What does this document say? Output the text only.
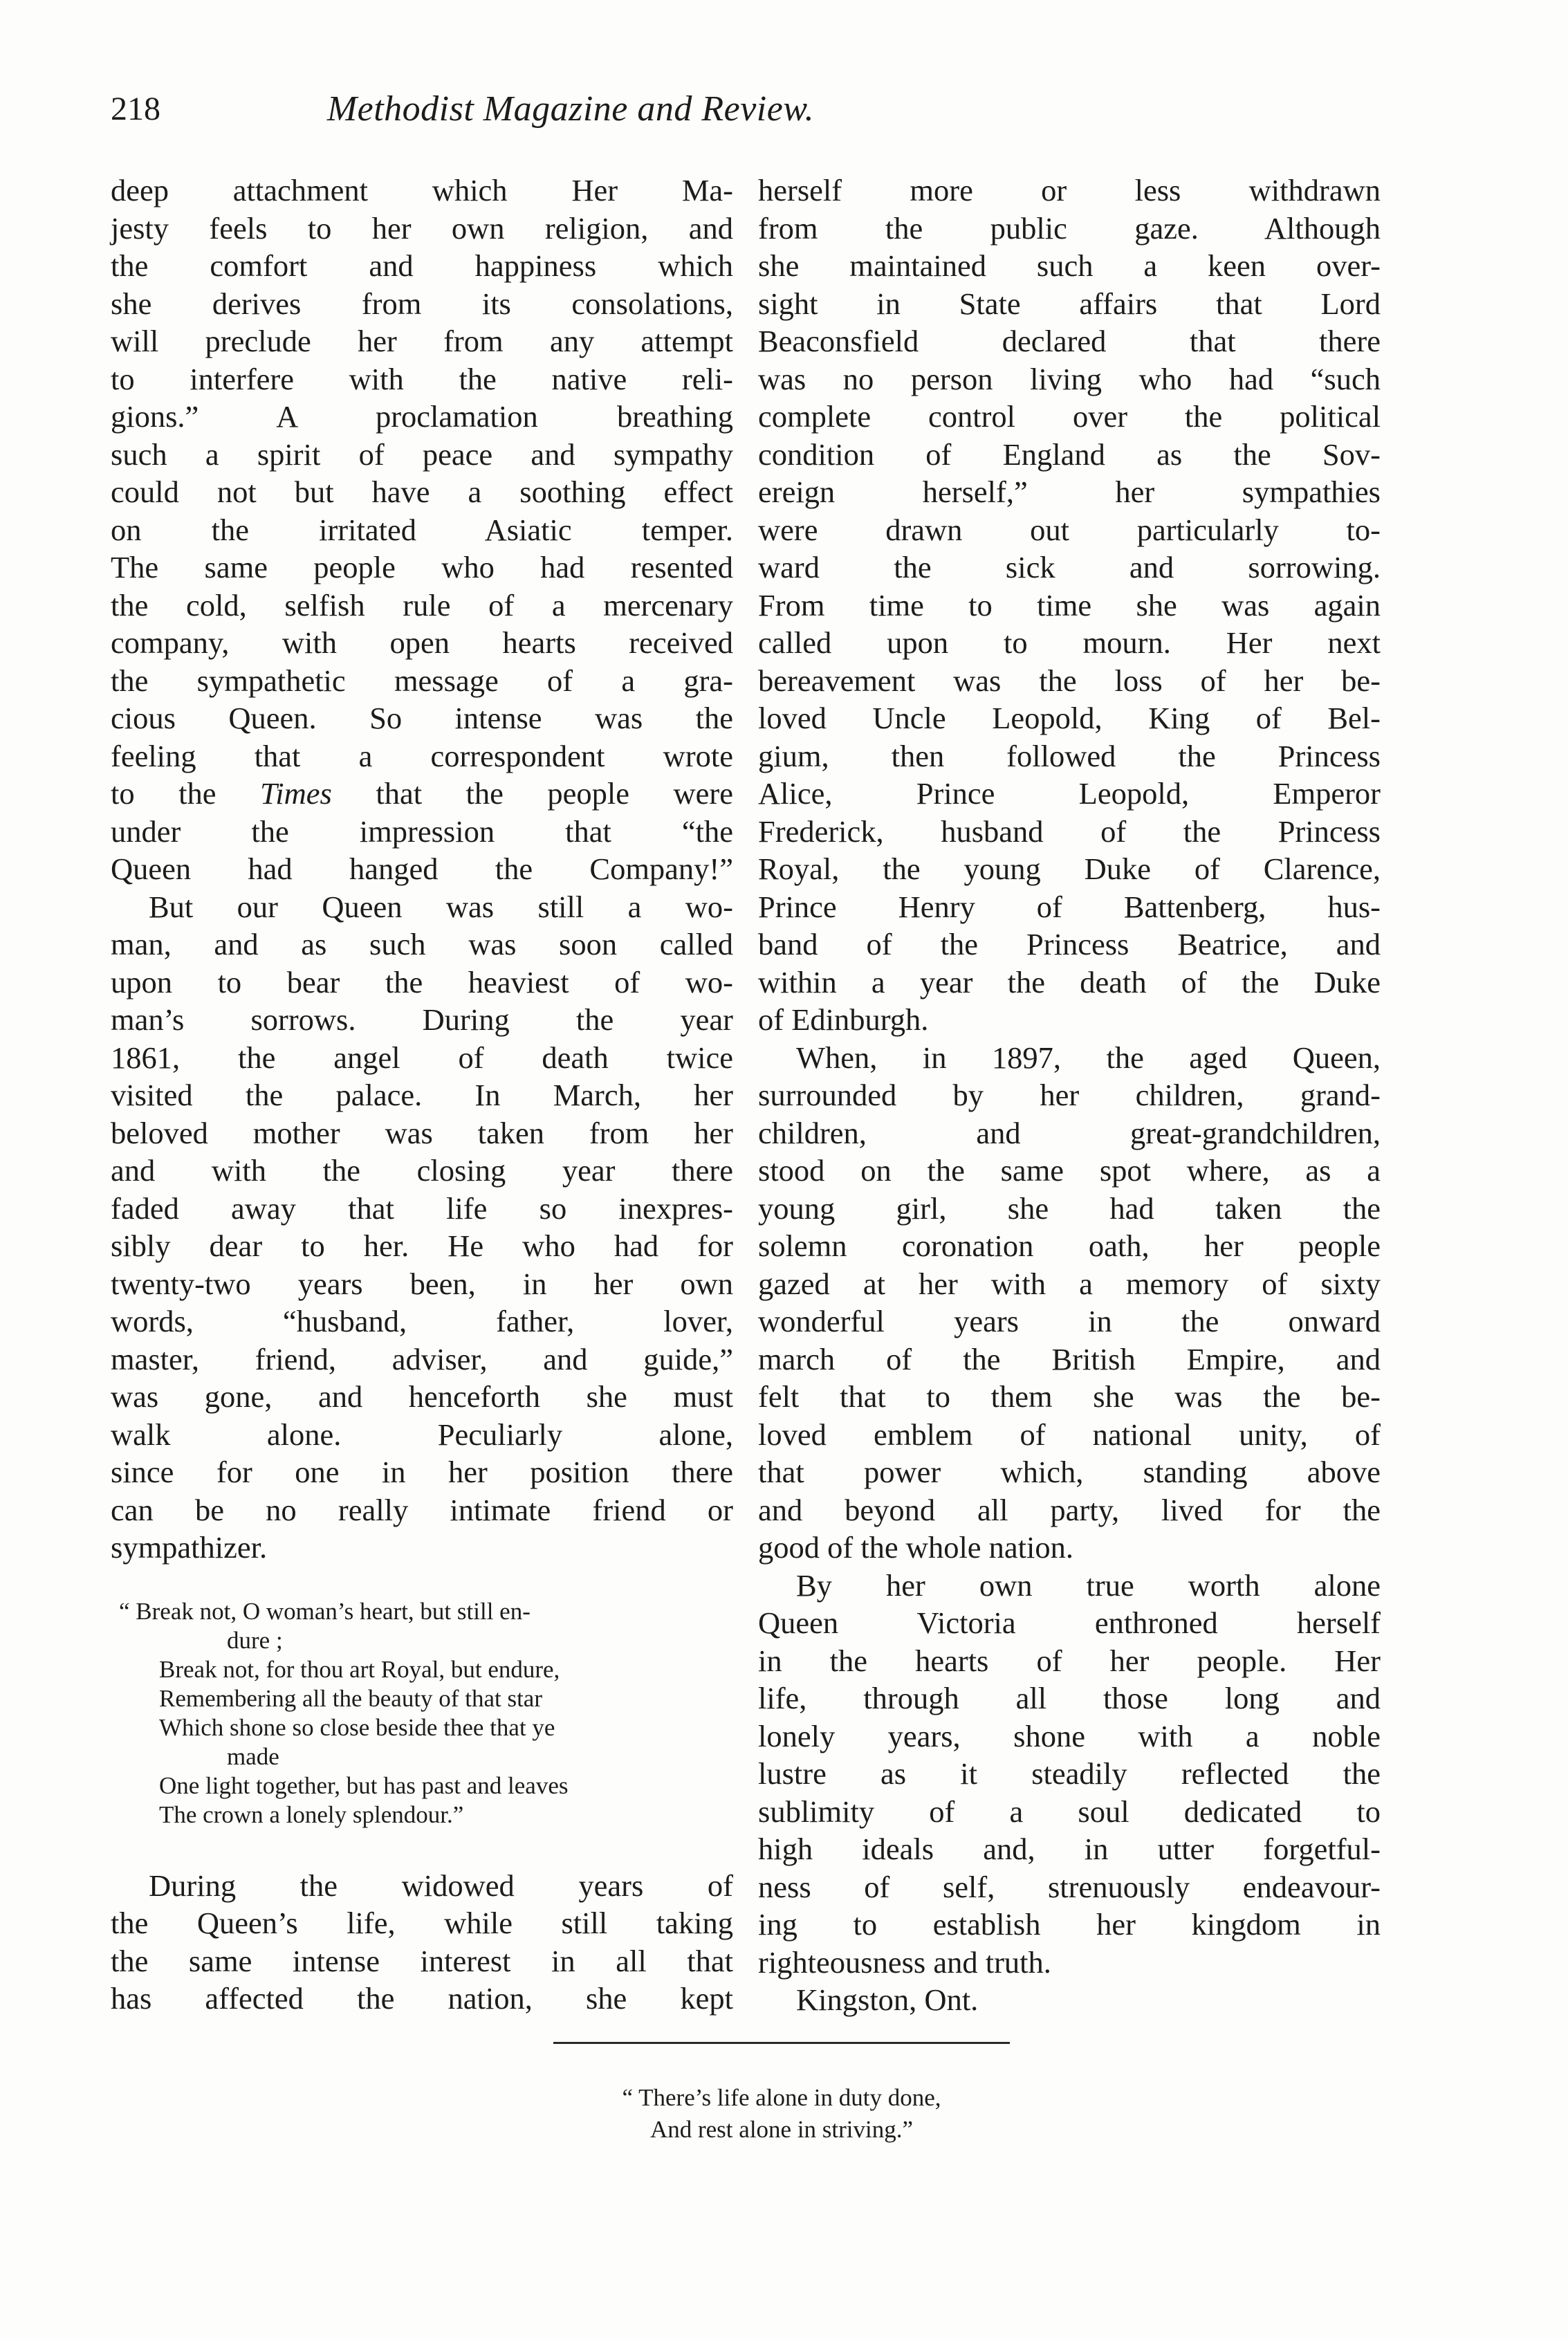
218	Methodist Magazine and Review.
deep attachment which Her Ma-
jesty feels to her own religion, and
the comfort and happiness which
she derives from its consolations,
will preclude her from any attempt
to interfere with the native reli-
gions.” A proclamation breathing
such a spirit of peace and sympathy
could not but have a soothing effect
on the irritated Asiatic temper.
The same people who had resented
the cold, selfish rule of a mercenary
company, with open hearts received
the sympathetic message of a gra-
cious Queen. So intense was the
feeling that a correspondent wrote
to the Times that the people were
under the impression that “the
Queen had hanged the Company!”
But our Queen was still a wo-
man, and as such was soon called
upon to bear the heaviest of wo-
man’s sorrows. During the year
1861, the angel of death twice
visited the palace. In March, her
beloved mother was taken from her
and with the closing year there
faded away that life so inexpres-
sibly dear to her. He who had for
twenty-two years been, in her own
words, “husband, father, lover,
master, friend, adviser, and guide,”
was gone, and henceforth she must
walk alone. Peculiarly alone,
since for one in her position there
can be no really intimate friend or
sympathizer.
“ Break not, O woman’s heart, but still en-
dure ;
Break not, for thou art Royal, but endure,
Remembering all the beauty of that star
Which shone so close beside thee that ye
made
One light together, but has past and leaves
The crown a lonely splendour.”
During the widowed years of
the Queen’s life, while still taking
the same intense interest in all that
has affected the nation, she kept
herself more or less withdrawn
from the public gaze. Although
she maintained such a keen over-
sight in State affairs that Lord
Beaconsfield declared that there
was no person living who had “such
complete control over the political
condition of England as the Sov-
ereign herself,” her sympathies
were drawn out particularly to-
ward the sick and sorrowing.
From time to time she was again
called upon to mourn. Her next
bereavement was the loss of her be-
loved Uncle Leopold, King of Bel-
gium, then followed the Princess
Alice, Prince Leopold, Emperor
Frederick, husband of the Princess
Royal, the young Duke of Clarence,
Prince Henry of Battenberg, hus-
band of the Princess Beatrice, and
within a year the death of the Duke
of Edinburgh.
When, in 1897, the aged Queen,
surrounded by her children, grand-
children, and great-grandchildren,
stood on the same spot where, as a
young girl, she had taken the
solemn coronation oath, her people
gazed at her with a memory of sixty
wonderful years in the onward
march of the British Empire, and
felt that to them she was the be-
loved emblem of national unity, of
that power which, standing above
and beyond all party, lived for the
good of the whole nation.
By her own true worth alone
Queen Victoria enthroned herself
in the hearts of her people. Her
life, through all those long and
lonely years, shone with a noble
lustre as it steadily reflected the
sublimity of a soul dedicated to
high ideals and, in utter forgetful-
ness of self, strenuously endeavour-
ing to establish her kingdom in
righteousness and truth.
Kingston, Ont.
“ There’s life alone in duty done,
And rest alone in striving.”
